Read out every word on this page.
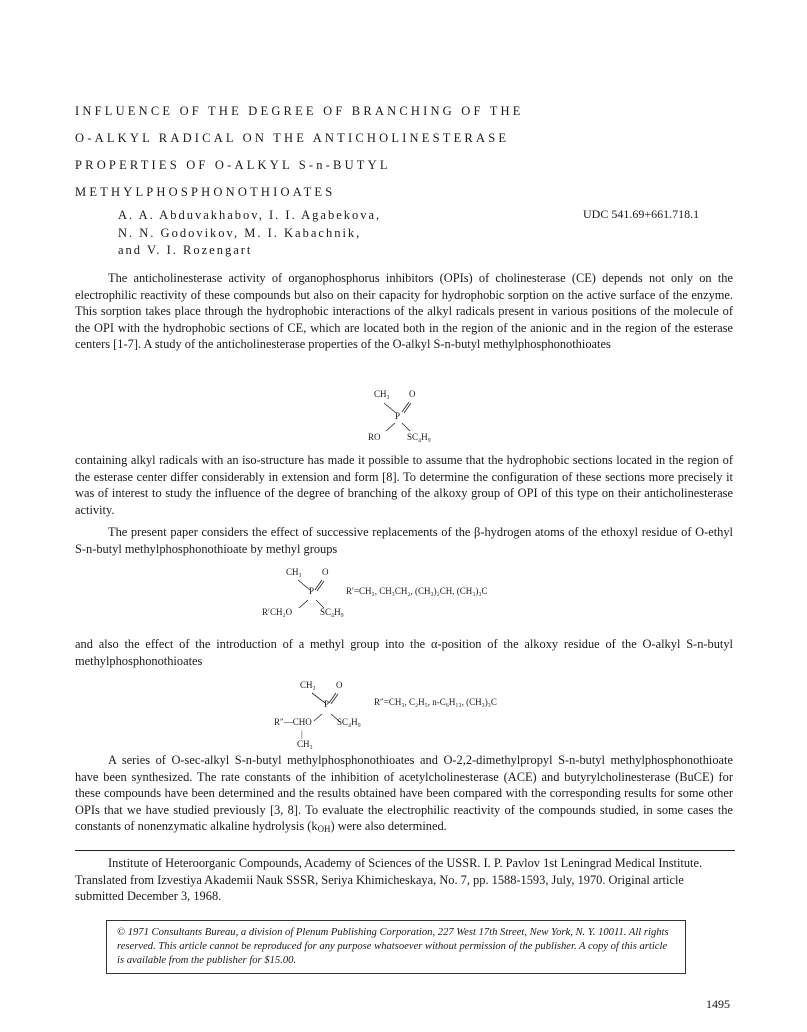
INFLUENCE OF THE DEGREE OF BRANCHING OF THE
O-ALKYL RADICAL ON THE ANTICHOLINESTERASE
PROPERTIES OF O-ALKYL S-n-BUTYL
METHYLPHOSPHONOTHIOATES
A. A. Abduvakhabov, I. I. Agabekova,
N. N. Godovikov, M. I. Kabachnik,
and V. I. Rozengart
UDC 541.69+661.718.1
The anticholinesterase activity of organophosphorus inhibitors (OPIs) of cholinesterase (CE) depends not only on the electrophilic reactivity of these compounds but also on their capacity for hydrophobic sorption on the active surface of the enzyme. This sorption takes place through the hydrophobic interactions of the alkyl radicals present in various positions of the molecule of the OPI with the hydrophobic sections of CE, which are located both in the region of the anionic and in the region of the esterase centers [1-7]. A study of the anticholinesterase properties of the O-alkyl S-n-butyl methylphosphonothioates
CH₃ O
P
RO	SC₄H₉
containing alkyl radicals with an iso-structure has made it possible to assume that the hydrophobic sections located in the region of the esterase center differ considerably in extension and form [8]. To determine the configuration of these sections more precisely it was of interest to study the influence of the degree of branching of the alkoxy group of OPI of this type on their anticholinesterase activity.
The present paper considers the effect of successive replacements of the β-hydrogen atoms of the ethoxyl residue of O-ethyl S-n-butyl methylphosphonothioate by methyl groups
CH₃ O
P
R′CH₂O	SC₄H₉
R′=CH₃, CH₃CH₂, (CH₃)₂CH, (CH₃)₃C
and also the effect of the introduction of a methyl group into the α-position of the alkoxy residue of the O-alkyl S-n-butyl methylphosphonothioates
CH₃ O
P
R″—CHO	SC₄H₉
|
CH₃
R″=CH₃, C₂H₅, n-C₆H₁₃, (CH₃)₃C
A series of O-sec-alkyl S-n-butyl methylphosphonothioates and O-2,2-dimethylpropyl S-n-butyl methylphosphonothioate have been synthesized. The rate constants of the inhibition of acetylcholinesterase (ACE) and butyrylcholinesterase (BuCE) for these compounds have been determined and the results obtained have been compared with the corresponding results for some other OPIs that we have studied previously [3, 8]. To evaluate the electrophilic reactivity of the compounds studied, in some cases the constants of nonenzymatic alkaline hydrolysis $(k_{OH})$ were also determined.
Institute of Heteroorganic Compounds, Academy of Sciences of the USSR. I. P. Pavlov 1st Leningrad Medical Institute. Translated from Izvestiya Akademii Nauk SSSR, Seriya Khimicheskaya, No. 7, pp. 1588-1593, July, 1970. Original article submitted December 3, 1968.

© 1971 Consultants Bureau, a division of Plenum Publishing Corporation, 227 West 17th Street, New York, N. Y. 10011. All rights reserved. This article cannot be reproduced for any purpose whatsoever without permission of the publisher. A copy of this article is available from the publisher for $15.00.

1495
